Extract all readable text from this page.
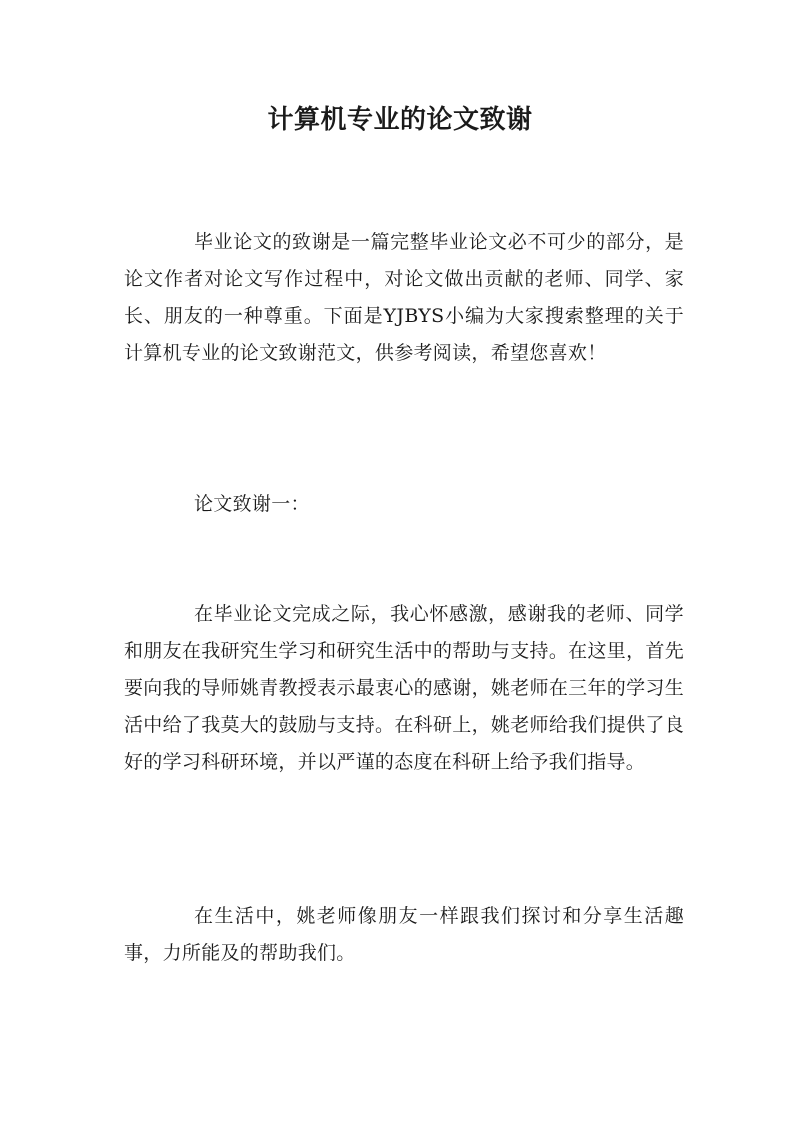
计算机专业的论文致谢

毕业论文的致谢是一篇完整毕业论文必不可少的部分，是论文作者对论文写作过程中，对论文做出贡献的老师、同学、家长、朋友的一种尊重。下面是YJBYS小编为大家搜索整理的关于计算机专业的论文致谢范文，供参考阅读，希望您喜欢！

论文致谢一：

在毕业论文完成之际，我心怀感激，感谢我的老师、同学和朋友在我研究生学习和研究生活中的帮助与支持。在这里，首先要向我的导师姚青教授表示最衷心的感谢，姚老师在三年的学习生活中给了我莫大的鼓励与支持。在科研上，姚老师给我们提供了良好的学习科研环境，并以严谨的态度在科研上给予我们指导。

在生活中，姚老师像朋友一样跟我们探讨和分享生活趣事，力所能及的帮助我们。
